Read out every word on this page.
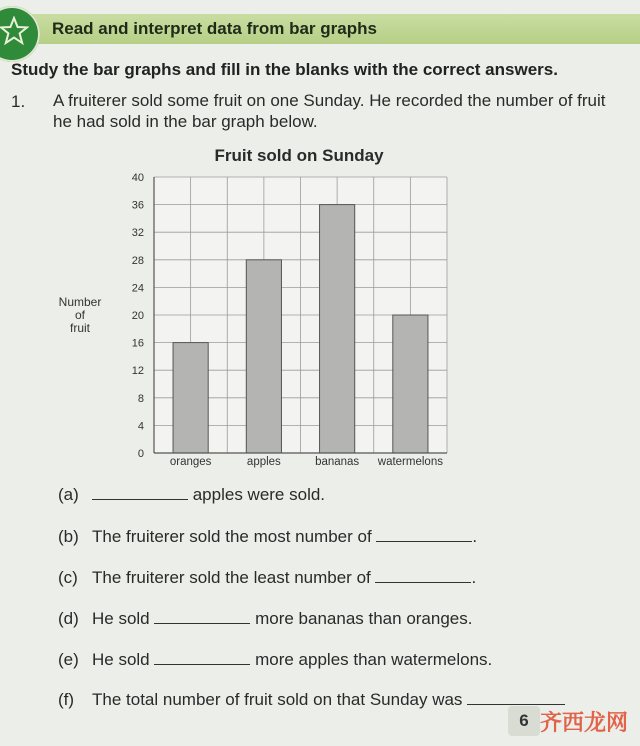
Read and interpret data from bar graphs
Study the bar graphs and fill in the blanks with the correct answers.
1. A fruiterer sold some fruit on one Sunday. He recorded the number of fruit he had sold in the bar graph below.
Fruit sold on Sunday
Number
of
fruit
0
4
8
12
16
20
24
28
32
36
40
oranges	apples	bananas watermelons
(a)	apples were sold.
(b) The fruiterer sold the most number of	.
(c) The fruiterer sold the least number of	.
(d) He sold	more bananas than oranges.
(e) He sold	more apples than watermelons.
(f) The total number of fruit sold on that Sunday was
6 齐西龙网
